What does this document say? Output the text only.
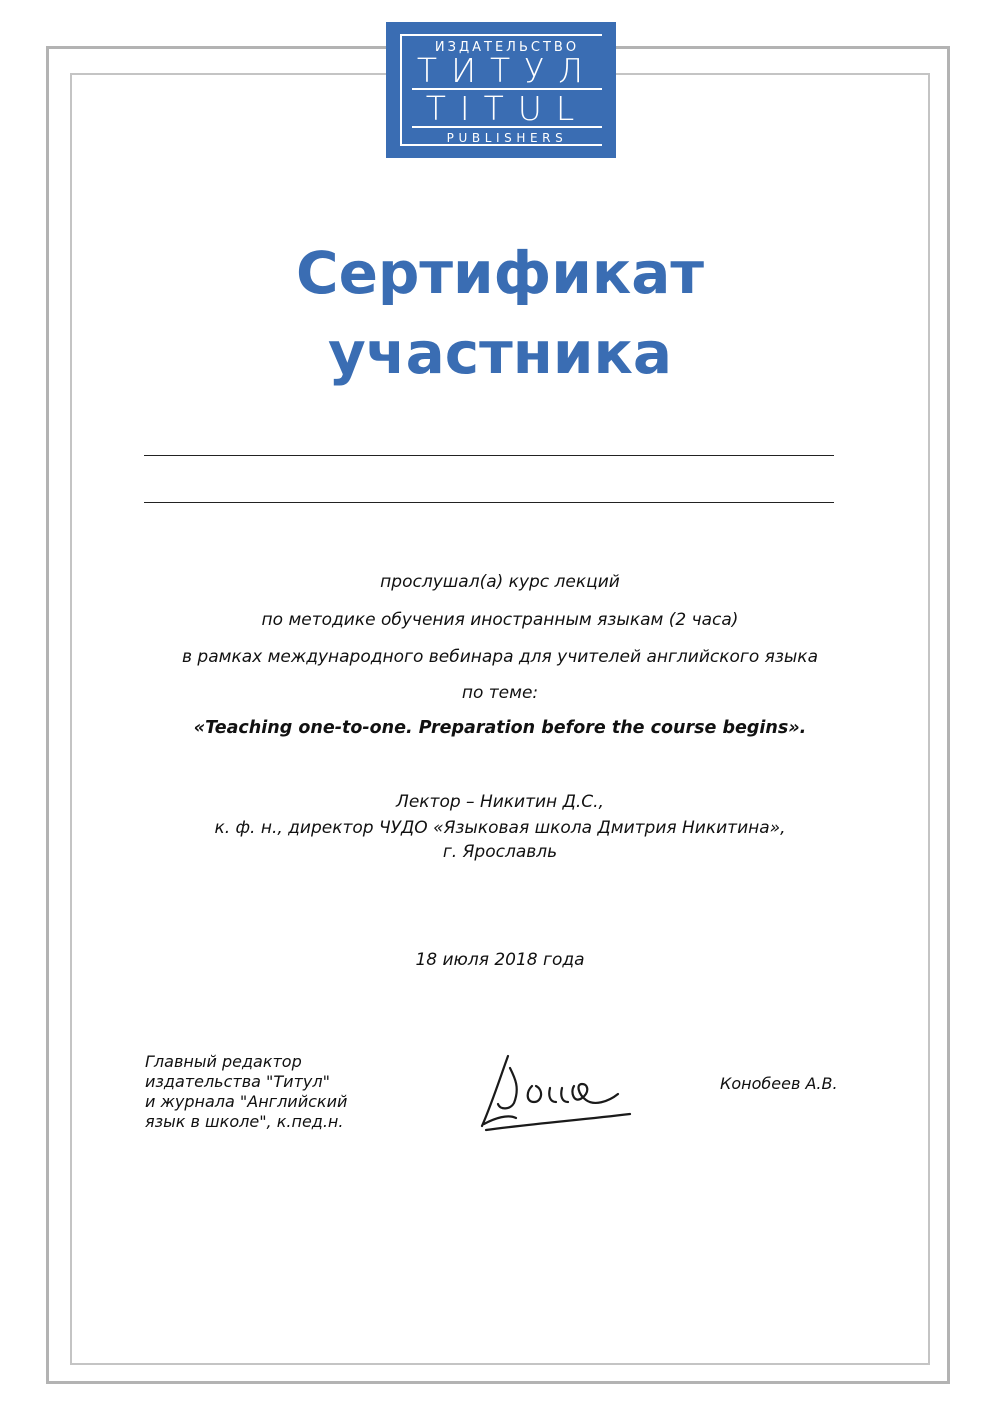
ИЗДАТЕЛЬСТВО
ТИТУЛ
TITUL
PUBLISHERS
Сертификат
участника
прослушал(а) курс лекций
по методике обучения иностранным языкам (2 часа)
в рамках международного вебинара для учителей английского языка
по теме:
«Teaching one-to-one. Preparation before the course begins».
Лектор – Никитин Д.С.,
к. ф. н., директор ЧУДО «Языковая школа Дмитрия Никитина»,
г. Ярославль
18 июля 2018 года
Главный редактор
издательства "Титул"
и журнала "Английский
язык в школе", к.пед.н.
Конобеев А.В.
